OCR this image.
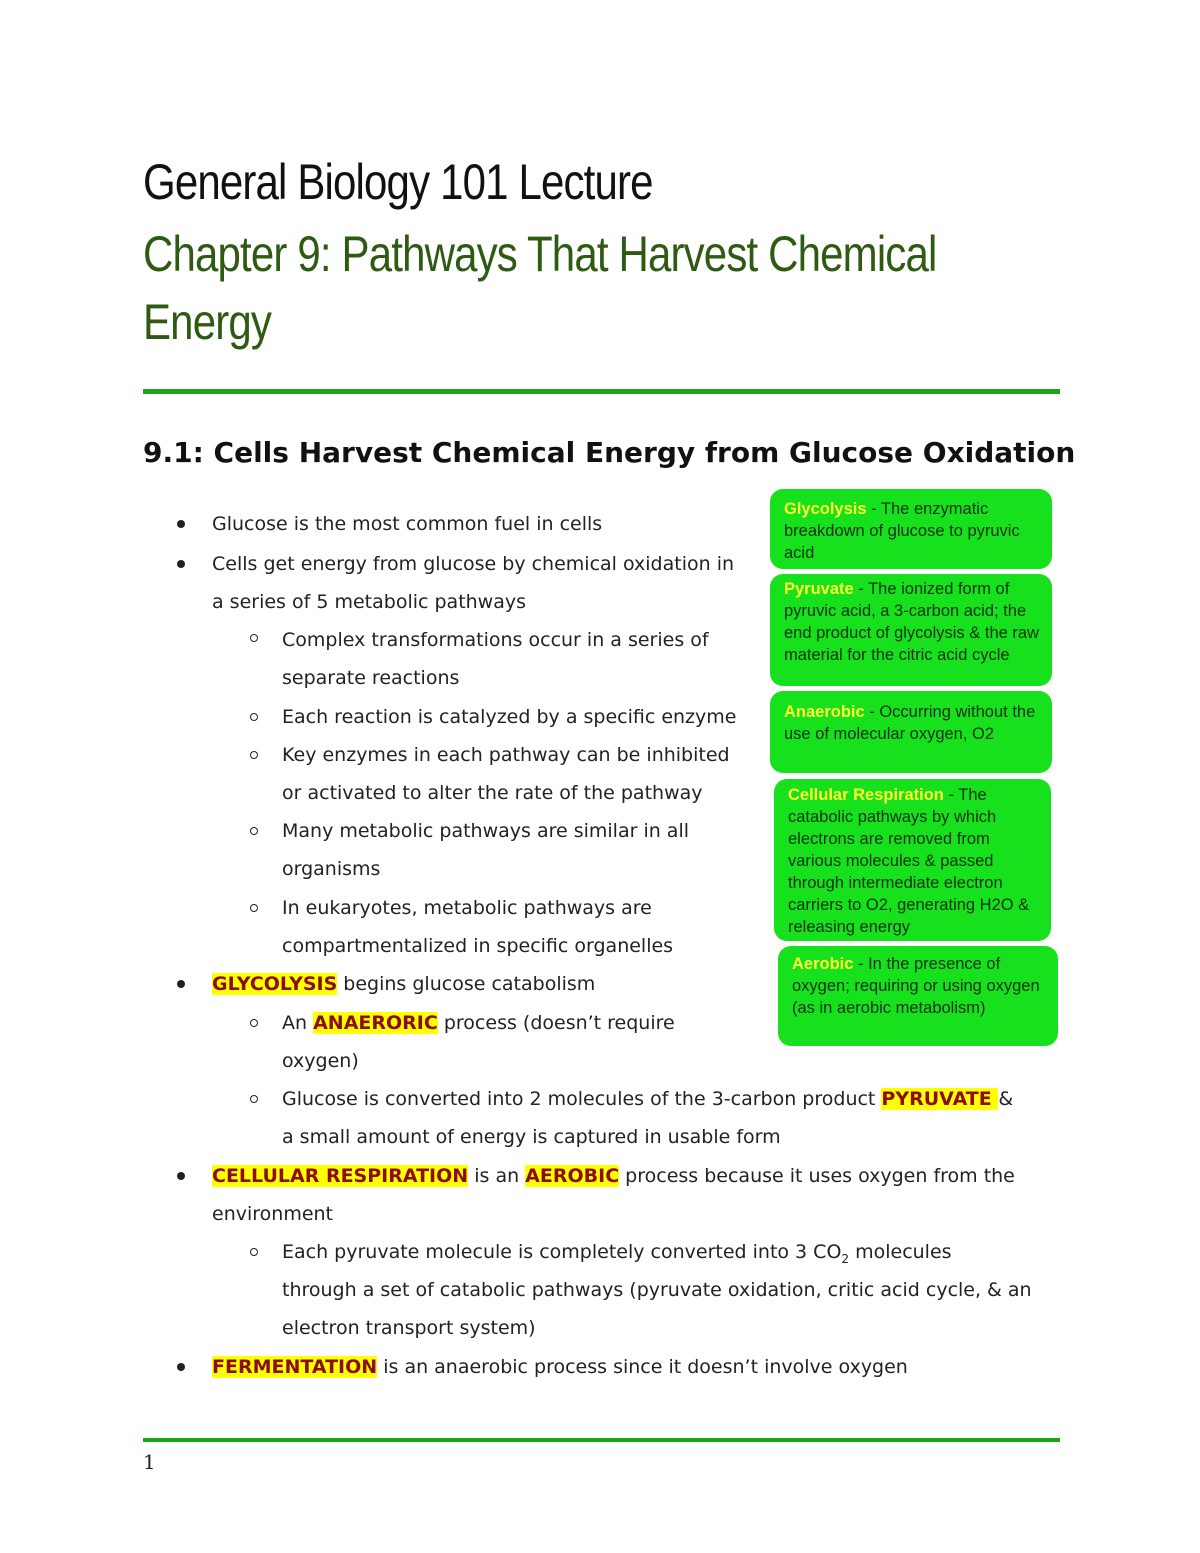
General Biology 101 Lecture
Chapter 9: Pathways That Harvest Chemical
Energy
9.1: Cells Harvest Chemical Energy from Glucose Oxidation
Glucose is the most common fuel in cells
Cells get energy from glucose by chemical oxidation in
a series of 5 metabolic pathways
Complex transformations occur in a series of
separate reactions
Each reaction is catalyzed by a specific enzyme
Key enzymes in each pathway can be inhibited
or activated to alter the rate of the pathway
Many metabolic pathways are similar in all
organisms
In eukaryotes, metabolic pathways are
compartmentalized in specific organelles
GLYCOLYSIS begins glucose catabolism
An ANAERORIC process (doesn’t require
oxygen)
Glucose is converted into 2 molecules of the 3-carbon product PYRUVATE &
a small amount of energy is captured in usable form
CELLULAR RESPIRATION is an AEROBIC process because it uses oxygen from the
environment
Each pyruvate molecule is completely converted into 3 $CO_2$ molecules
through a set of catabolic pathways (pyruvate oxidation, critic acid cycle, & an
electron transport system)
FERMENTATION is an anaerobic process since it doesn’t involve oxygen
Glycolysis - The enzymatic breakdown of glucose to pyruvic acid
Pyruvate - The ionized form of pyruvic acid, a 3-carbon acid; the end product of glycolysis & the raw material for the citric acid cycle
Anaerobic - Occurring without the use of molecular oxygen, O2
Cellular Respiration - The catabolic pathways by which electrons are removed from various molecules & passed through intermediate electron carriers to O2, generating H2O & releasing energy
Aerobic - In the presence of oxygen; requiring or using oxygen (as in aerobic metabolism)
1
